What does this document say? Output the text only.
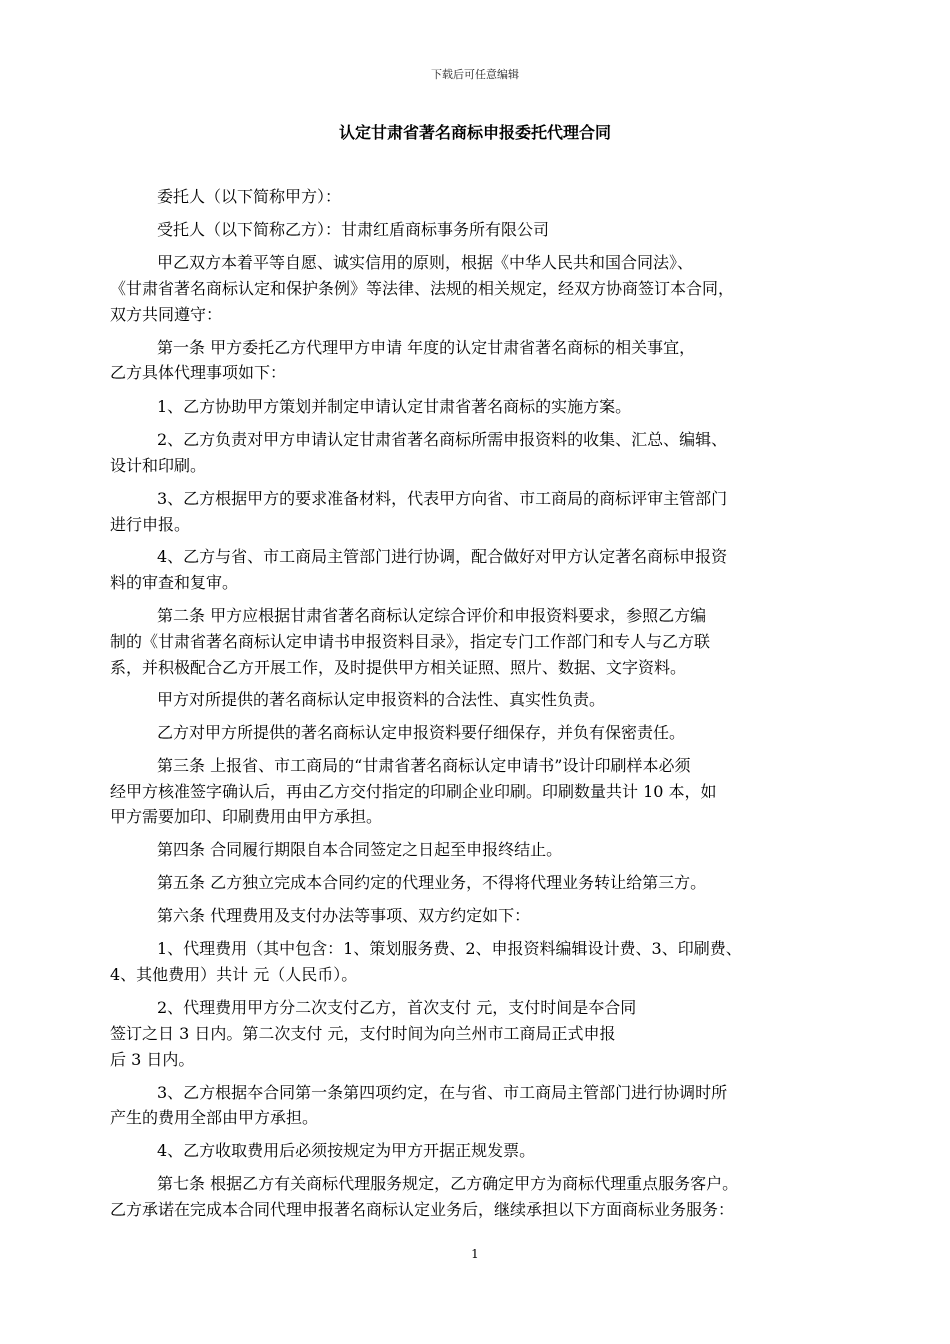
下载后可任意编辑
认定甘肃省著名商标申报委托代理合同
委托人（以下简称甲方）：
受托人（以下简称乙方）：甘肃红盾商标事务所有限公司
甲乙双方本着平等自愿、诚实信用的原则，根据《中华人民共和国合同法》、
《甘肃省著名商标认定和保护条例》等法律、法规的相关规定，经双方协商签订本合同，
双方共同遵守：
第一条 甲方委托乙方代理甲方申请 年度的认定甘肃省著名商标的相关事宜，
乙方具体代理事项如下：
1、乙方协助甲方策划并制定申请认定甘肃省著名商标的实施方案。
2、乙方负责对甲方申请认定甘肃省著名商标所需申报资料的收集、汇总、编辑、
设计和印刷。
3、乙方根据甲方的要求准备材料，代表甲方向省、市工商局的商标评审主管部门
进行申报。
4、乙方与省、市工商局主管部门进行协调，配合做好对甲方认定著名商标申报资
料的审查和复审。
第二条 甲方应根据甘肃省著名商标认定综合评价和申报资料要求，参照乙方编
制的《甘肃省著名商标认定申请书申报资料目录》，指定专门工作部门和专人与乙方联
系，并积极配合乙方开展工作，及时提供甲方相关证照、照片、数据、文字资料。
甲方对所提供的著名商标认定申报资料的合法性、真实性负责。
乙方对甲方所提供的著名商标认定申报资料要仔细保存，并负有保密责任。
第三条 上报省、市工商局的“甘肃省著名商标认定申请书”设计印刷样本必须
经甲方核准签字确认后，再由乙方交付指定的印刷企业印刷。印刷数量共计 10 本，如
甲方需要加印、印刷费用由甲方承担。
第四条 合同履行期限自本合同签定之日起至申报终结止。
第五条 乙方独立完成本合同约定的代理业务，不得将代理业务转让给第三方。
第六条 代理费用及支付办法等事项、双方约定如下：
1、代理费用（其中包含：1、策划服务费、2、申报资料编辑设计费、3、印刷费、
4、其他费用）共计 元（人民币）。
2、代理费用甲方分二次支付乙方，首次支付 元，支付时间是夲合同
签订之日 3 日内。第二次支付 元，支付时间为向兰州市工商局正式申报
后 3 日内。
3、乙方根据夲合同第一条第四项约定，在与省、市工商局主管部门进行协调时所
产生的费用全部由甲方承担。
4、乙方收取费用后必须按规定为甲方开据正规发票。
第七条 根据乙方有关商标代理服务规定，乙方确定甲方为商标代理重点服务客户。
乙方承诺在完成本合同代理申报著名商标认定业务后，继续承担以下方面商标业务服务：
1
